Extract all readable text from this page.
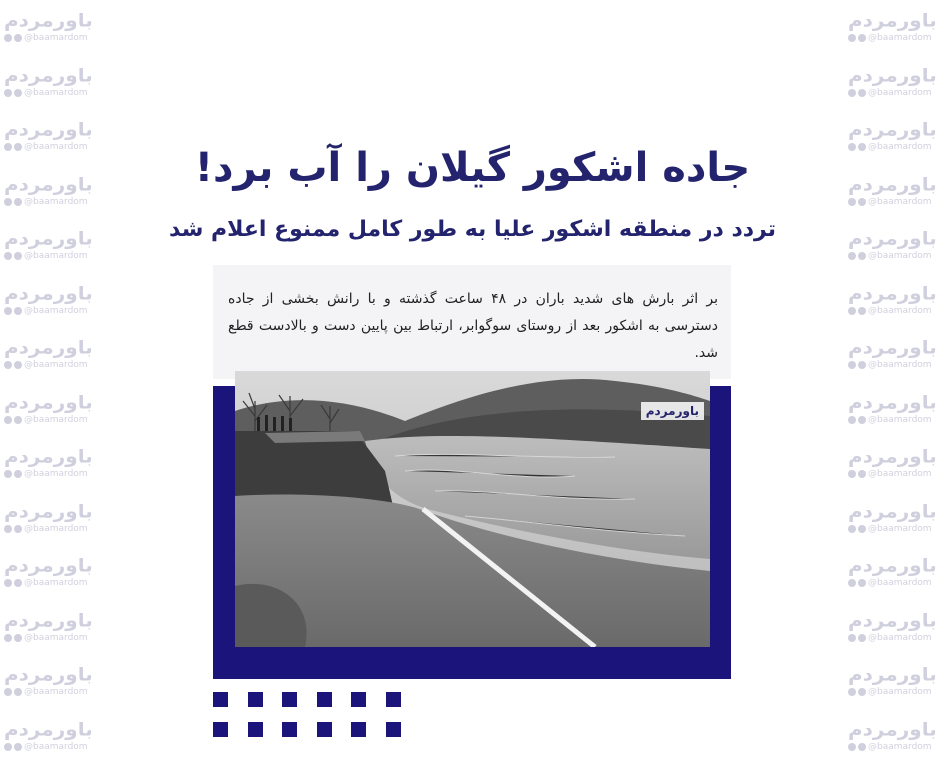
باورمردم
@baamardom
باورمردم
@baamardom
باورمردم
@baamardom
باورمردم
@baamardom
باورمردم
@baamardom
باورمردم
@baamardom
باورمردم
@baamardom
باورمردم
@baamardom
باورمردم
@baamardom
باورمردم
@baamardom
باورمردم
@baamardom
باورمردم
@baamardom
باورمردم
@baamardom
باورمردم
@baamardom
باورمردم
@baamardom
باورمردم
@baamardom
باورمردم
@baamardom
باورمردم
@baamardom
باورمردم
@baamardom
باورمردم
@baamardom
باورمردم
@baamardom
باورمردم
@baamardom
باورمردم
@baamardom
باورمردم
@baamardom
باورمردم
@baamardom
باورمردم
@baamardom
باورمردم
@baamardom
باورمردم
@baamardom
جاده اشکور گیلان را آب برد!
تردد در منطقه اشکور علیا به طور کامل ممنوع اعلام شد
بر اثر بارش های شدید باران در ۴۸ ساعت گذشته و با رانش بخشی از جاده دسترسی به اشکور بعد از روستای سوگوابر، ارتباط بین پایین دست و بالادست قطع شد.
باورمردم
